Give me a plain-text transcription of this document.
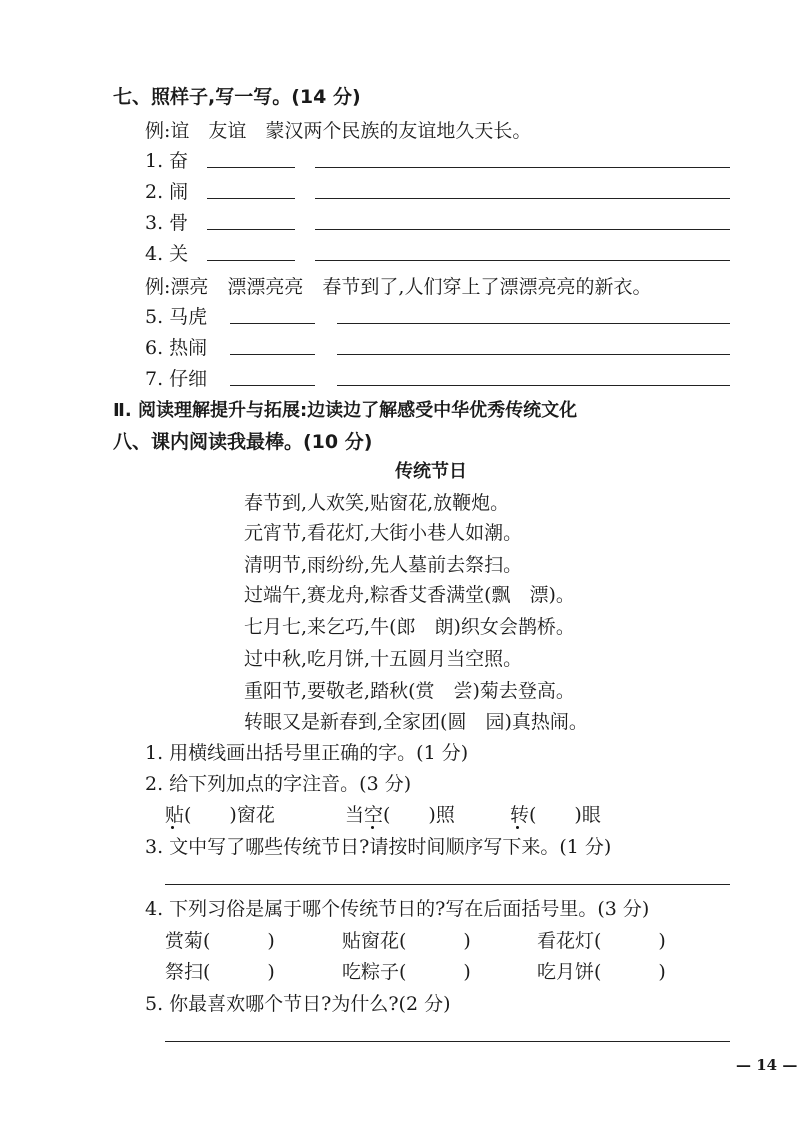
七、照样子,写一写。(14 分)
例:谊　友谊　蒙汉两个民族的友谊地久天长。
1. 奋
2. 闹
3. 骨
4. 关
例:漂亮　漂漂亮亮　春节到了,人们穿上了漂漂亮亮的新衣。
5. 马虎
6. 热闹
7. 仔细
Ⅱ. 阅读理解提升与拓展:边读边了解感受中华优秀传统文化
八、课内阅读我最棒。(10 分)
传统节日
春节到,人欢笑,贴窗花,放鞭炮。
元宵节,看花灯,大街小巷人如潮。
清明节,雨纷纷,先人墓前去祭扫。
过端午,赛龙舟,粽香艾香满堂(飘　漂)。
七月七,来乞巧,牛(郎　朗)织女会鹊桥。
过中秋,吃月饼,十五圆月当空照。
重阳节,要敬老,踏秋(赏　尝)菊去登高。
转眼又是新春到,全家团(圆　园)真热闹。
1. 用横线画出括号里正确的字。(1 分)
2. 给下列加点的字注音。(3 分)
贴(　　)窗花	当空(　　)照	转(　　)眼
3. 文中写了哪些传统节日?请按时间顺序写下来。(1 分)
4. 下列习俗是属于哪个传统节日的?写在后面括号里。(3 分)
赏菊(　　　)	贴窗花(　　　)	看花灯(　　　)
祭扫(　　　)	吃粽子(　　　)	吃月饼(　　　)
5. 你最喜欢哪个节日?为什么?(2 分)
— 14 —
